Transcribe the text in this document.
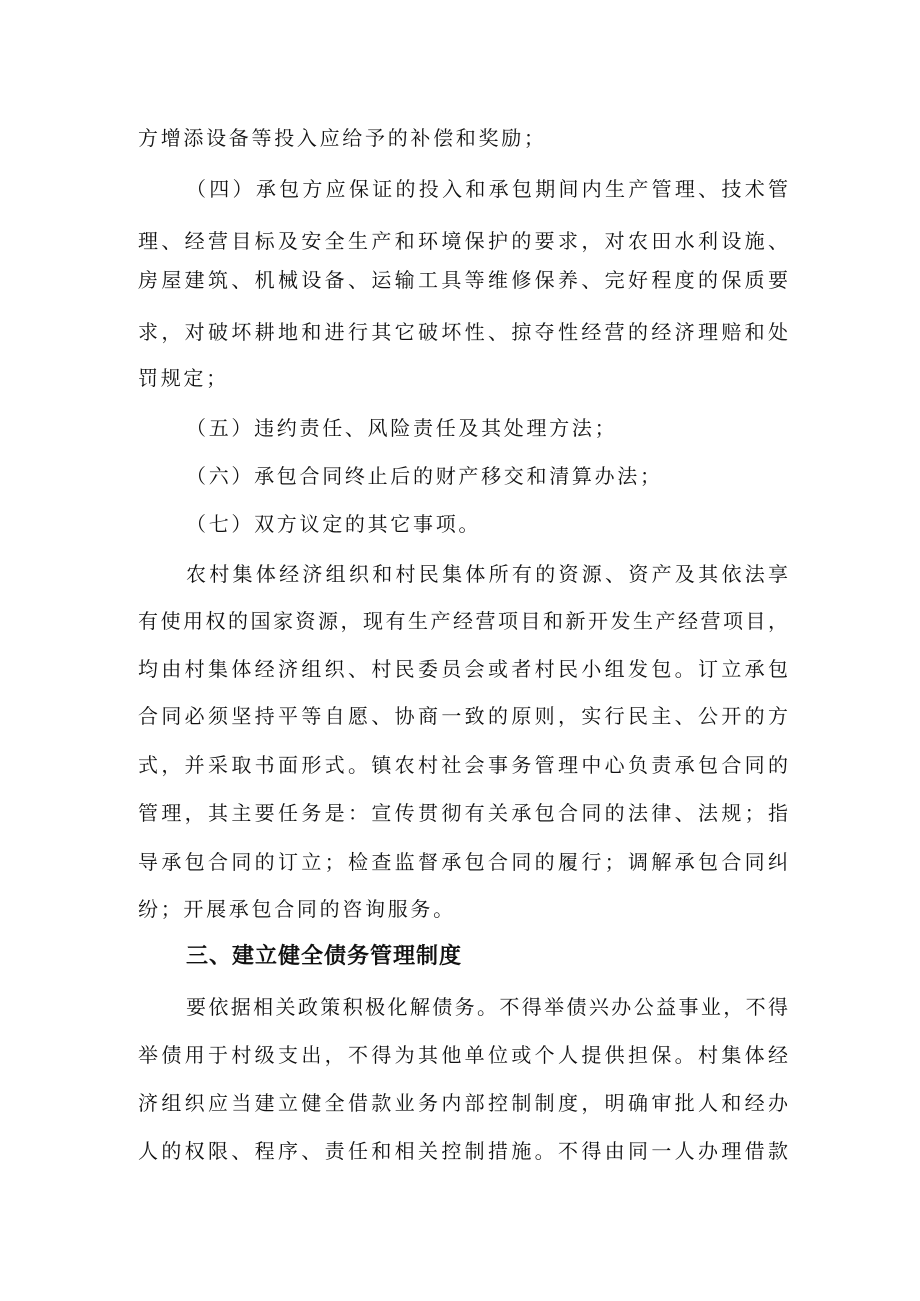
方增添设备等投入应给予的补偿和奖励；
（四）承包方应保证的投入和承包期间内生产管理、技术管
理、经营目标及安全生产和环境保护的要求，对农田水利设施、
房屋建筑、机械设备、运输工具等维修保养、完好程度的保质要
求，对破坏耕地和进行其它破坏性、掠夺性经营的经济理赔和处
罚规定；
（五）违约责任、风险责任及其处理方法；
（六）承包合同终止后的财产移交和清算办法；
（七）双方议定的其它事项。
农村集体经济组织和村民集体所有的资源、资产及其依法享
有使用权的国家资源，现有生产经营项目和新开发生产经营项目，
均由村集体经济组织、村民委员会或者村民小组发包。订立承包
合同必须坚持平等自愿、协商一致的原则，实行民主、公开的方
式，并采取书面形式。镇农村社会事务管理中心负责承包合同的
管理，其主要任务是：宣传贯彻有关承包合同的法律、法规；指
导承包合同的订立；检查监督承包合同的履行；调解承包合同纠
纷；开展承包合同的咨询服务。
三、建立健全债务管理制度
要依据相关政策积极化解债务。不得举债兴办公益事业，不得
举债用于村级支出，不得为其他单位或个人提供担保。村集体经
济组织应当建立健全借款业务内部控制制度，明确审批人和经办
人的权限、程序、责任和相关控制措施。不得由同一人办理借款
